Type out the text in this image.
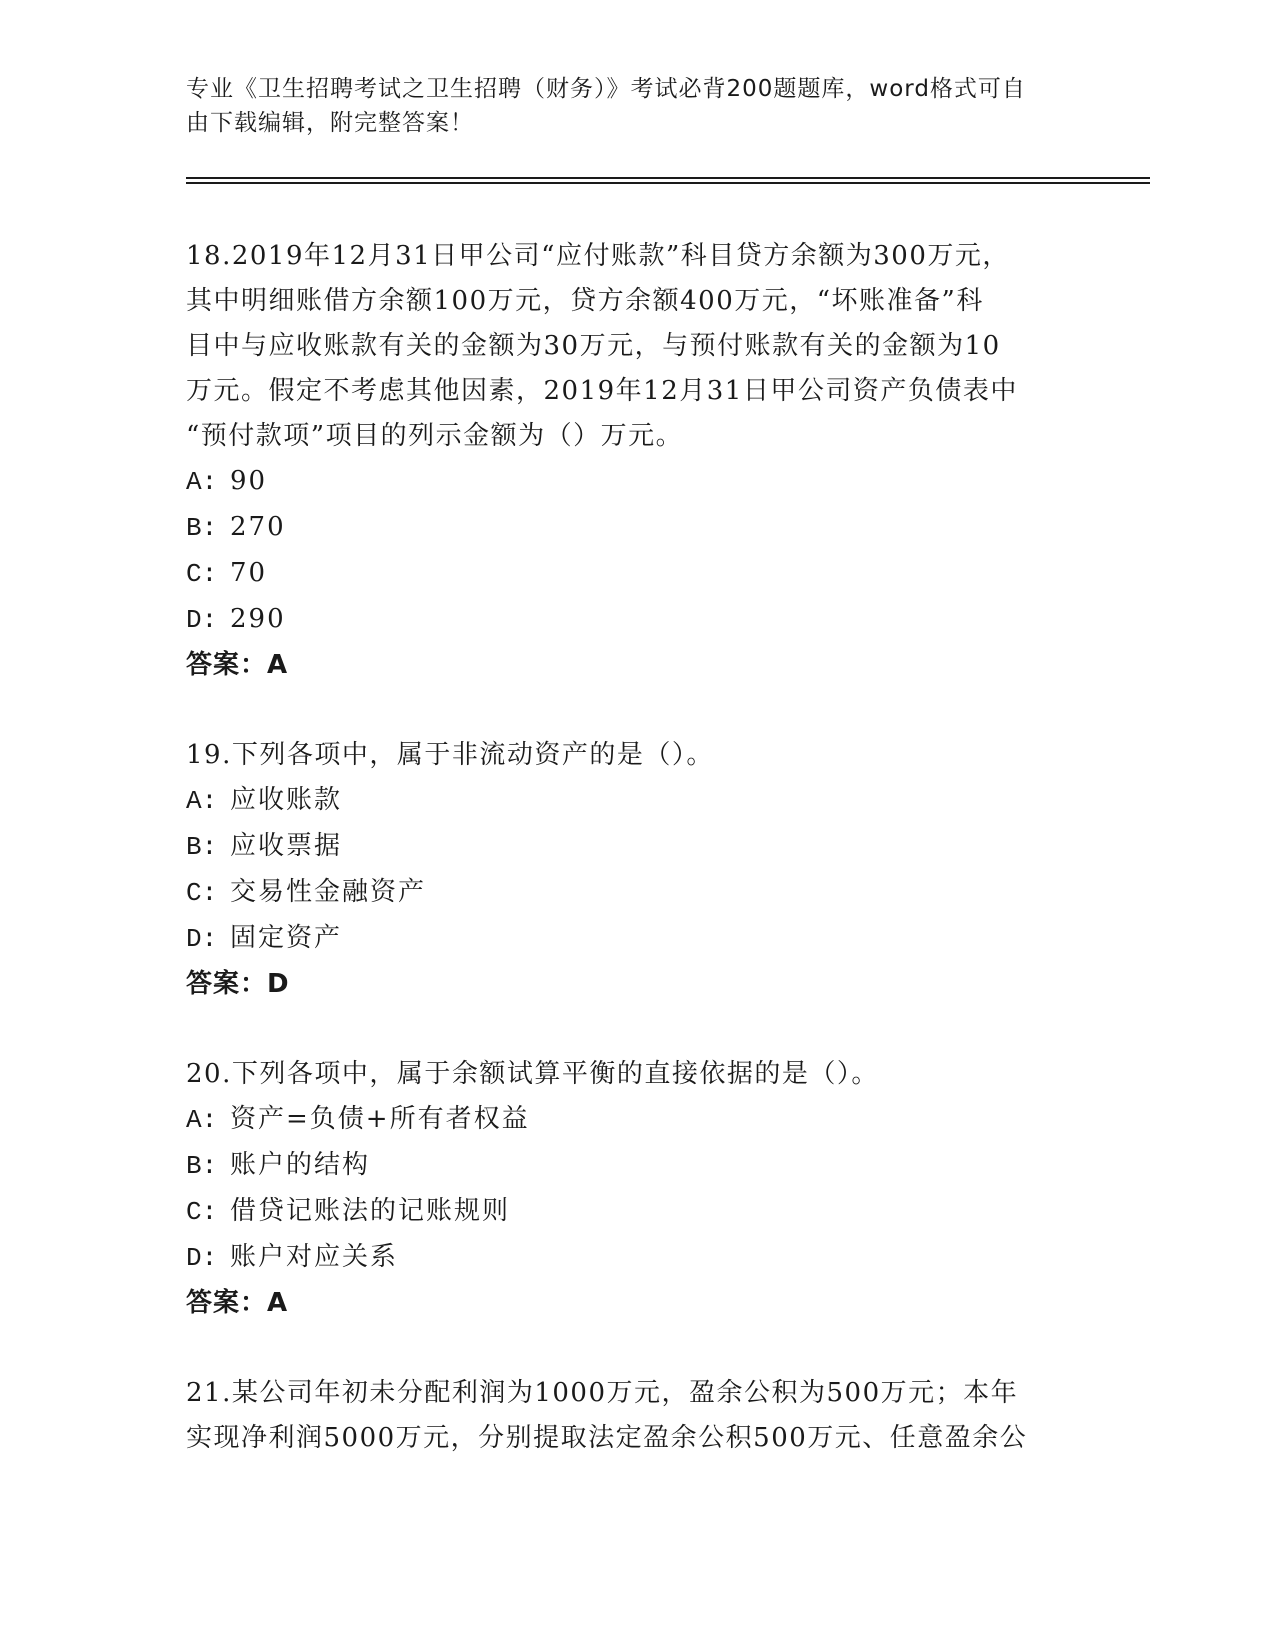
专业《卫生招聘考试之卫生招聘（财务）》考试必背200题题库，word格式可自
由下载编辑，附完整答案！
18.2019年12月31日甲公司“应付账款”科目贷方余额为300万元，
其中明细账借方余额100万元，贷方余额400万元，“坏账准备”科
目中与应收账款有关的金额为30万元，与预付账款有关的金额为10
万元。假定不考虑其他因素，2019年12月31日甲公司资产负债表中
“预付款项”项目的列示金额为（）万元。
A: 90
B: 270
C: 70
D: 290
答案：A
19.下列各项中，属于非流动资产的是（）。
A: 应收账款
B: 应收票据
C: 交易性金融资产
D: 固定资产
答案：D
20.下列各项中，属于余额试算平衡的直接依据的是（）。
A: 资产=负债+所有者权益
B: 账户的结构
C: 借贷记账法的记账规则
D: 账户对应关系
答案：A
21.某公司年初未分配利润为1000万元，盈余公积为500万元；本年
实现净利润5000万元，分别提取法定盈余公积500万元、任意盈余公
